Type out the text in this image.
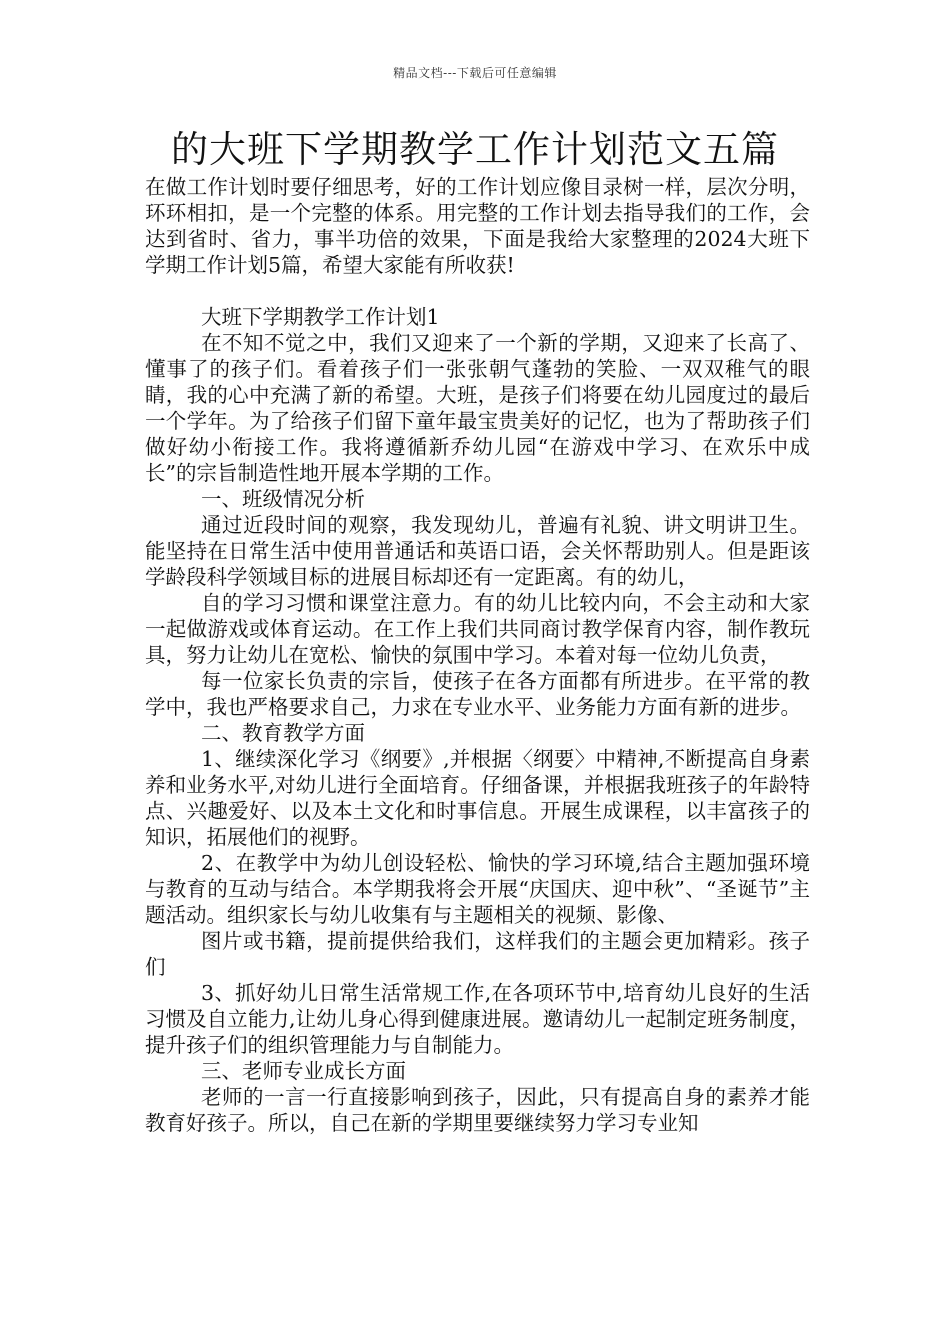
精品文档---下载后可任意编辑
的大班下学期教学工作计划范文五篇

在做工作计划时要仔细思考，好的工作计划应像目录树一样，层次分明，环环相扣，是一个完整的体系。用完整的工作计划去指导我们的工作，会达到省时、省力，事半功倍的效果，下面是我给大家整理的2024大班下学期工作计划5篇，希望大家能有所收获!

大班下学期教学工作计划1

在不知不觉之中，我们又迎来了一个新的学期，又迎来了长高了、懂事了的孩子们。看着孩子们一张张朝气蓬勃的笑脸、一双双稚气的眼睛，我的心中充满了新的希望。大班，是孩子们将要在幼儿园度过的最后一个学年。为了给孩子们留下童年最宝贵美好的记忆，也为了帮助孩子们做好幼小衔接工作。我将遵循新乔幼儿园“在游戏中学习、在欢乐中成长”的宗旨制造性地开展本学期的工作。

一、班级情况分析

通过近段时间的观察，我发现幼儿，普遍有礼貌、讲文明讲卫生。能坚持在日常生活中使用普通话和英语口语，会关怀帮助别人。但是距该学龄段科学领域目标的进展目标却还有一定距离。有的幼儿，

自的学习习惯和课堂注意力。有的幼儿比较内向，不会主动和大家一起做游戏或体育运动。在工作上我们共同商讨教学保育内容，制作教玩具，努力让幼儿在宽松、愉快的氛围中学习。本着对每一位幼儿负责，

每一位家长负责的宗旨，使孩子在各方面都有所进步。在平常的教学中，我也严格要求自己，力求在专业水平、业务能力方面有新的进步。

二、教育教学方面

1、继续深化学习《纲要》,并根据〈纲要〉中精神,不断提高自身素养和业务水平,对幼儿进行全面培育。仔细备课，并根据我班孩子的年龄特点、兴趣爱好、以及本土文化和时事信息。开展生成课程，以丰富孩子的知识，拓展他们的视野。

2、在教学中为幼儿创设轻松、愉快的学习环境,结合主题加强环境与教育的互动与结合。本学期我将会开展“庆国庆、迎中秋”、“圣诞节”主题活动。组织家长与幼儿收集有与主题相关的视频、影像、

图片或书籍，提前提供给我们，这样我们的主题会更加精彩。孩子们

3、抓好幼儿日常生活常规工作,在各项环节中,培育幼儿良好的生活习惯及自立能力,让幼儿身心得到健康进展。邀请幼儿一起制定班务制度，提升孩子们的组织管理能力与自制能力。

三、老师专业成长方面

老师的一言一行直接影响到孩子，因此，只有提高自身的素养才能教育好孩子。所以，自己在新的学期里要继续努力学习专业知
